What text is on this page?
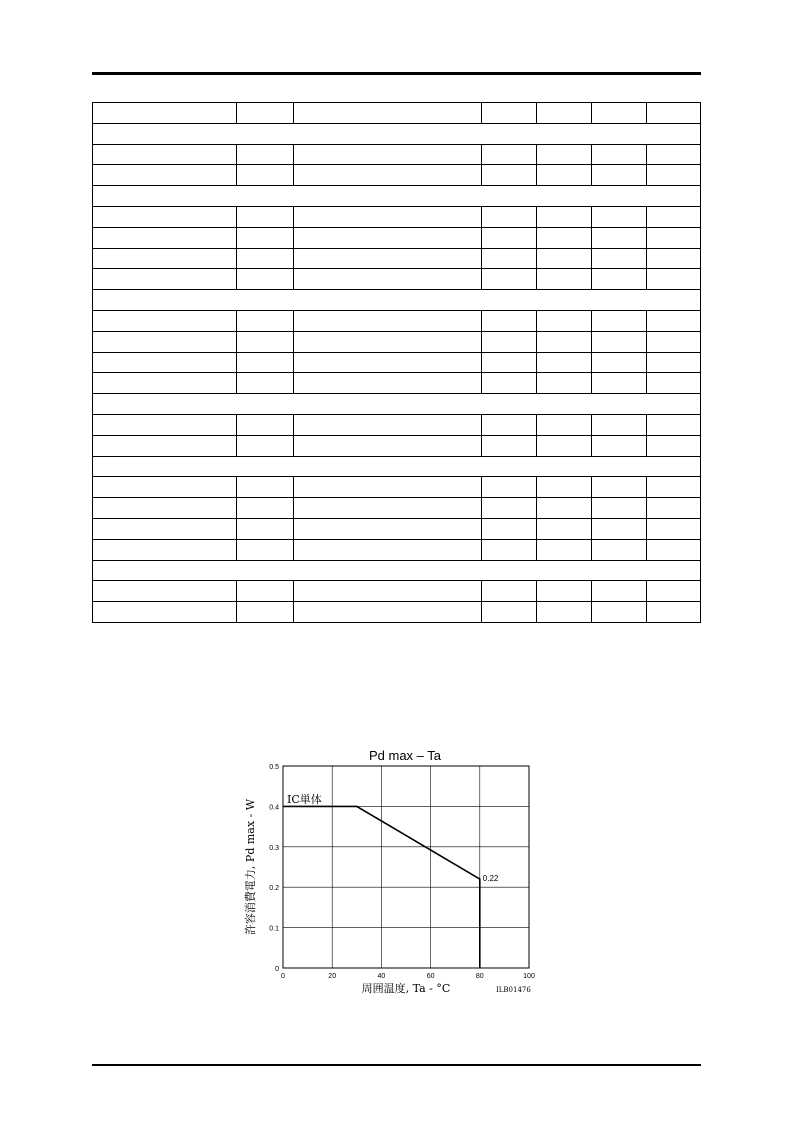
Pd max – Ta
0
0.1
0.2
0.3
0.4
0.5
0	20	40	60	80	100
IC単体
0.22
周囲温度, Ta - °C
許容消費電力, Pd max - W
ILB01476
